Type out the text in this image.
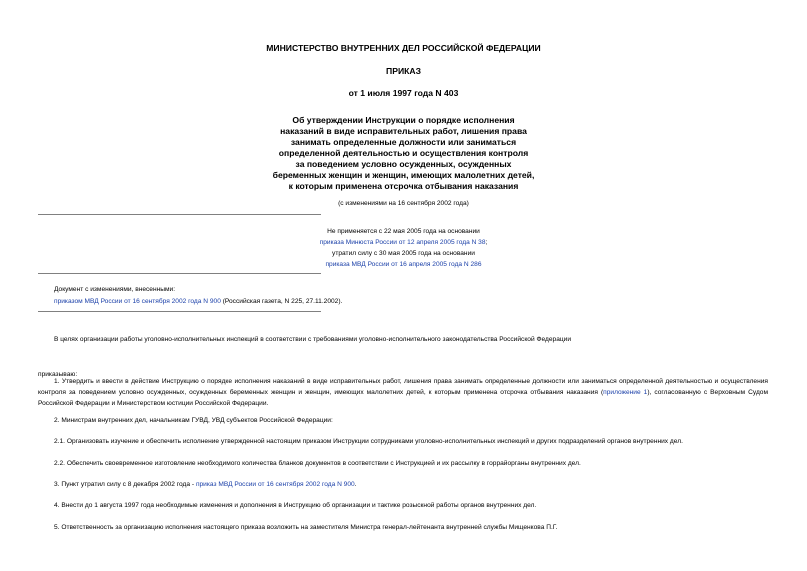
МИНИСТЕРСТВО ВНУТРЕННИХ ДЕЛ РОССИЙСКОЙ ФЕДЕРАЦИИ
ПРИКАЗ
от 1 июля 1997 года N 403
Об утверждении Инструкции о порядке исполнения
наказаний в виде исправительных работ, лишения права
занимать определенные должности или заниматься
определенной деятельностью и осуществления контроля
за поведением условно осужденных, осужденных
беременных женщин и женщин, имеющих малолетних детей,
к которым применена отсрочка отбывания наказания
(с изменениями на 16 сентября 2002 года)
Не применяется с 22 мая 2005 года на основании
приказа Минюста России от 12 апреля 2005 года N 38;
утратил силу с 30 мая 2005 года на основании
приказа МВД России от 16 апреля 2005 года N 286
Документ с изменениями, внесенными:
приказом МВД России от 16 сентября 2002 года N 900 (Российская газета, N 225, 27.11.2002).
В целях организации работы уголовно-исполнительных инспекций в соответствии с требованиями уголовно-исполнительного законодательства Российской Федерации
приказываю:
1. Утвердить и ввести в действие Инструкцию о порядке исполнения наказаний в виде исправительных работ, лишения права занимать определенные должности или заниматься определенной деятельностью и осуществления контроля за поведением условно осужденных, осужденных беременных женщин и женщин, имеющих малолетних детей, к которым применена отсрочка отбывания наказания (приложение 1), согласованную с Верховным Судом Российской Федерации и Министерством юстиции Российской Федерации.
2. Министрам внутренних дел, начальникам ГУВД, УВД субъектов Российской Федерации:
2.1. Организовать изучение и обеспечить исполнение утвержденной настоящим приказом Инструкции сотрудниками уголовно-исполнительных инспекций и других подразделений органов внутренних дел.
2.2. Обеспечить своевременное изготовление необходимого количества бланков документов в соответствии с Инструкцией и их рассылку в горрайорганы внутренних дел.
3. Пункт утратил силу с 8 декабря 2002 года - приказ МВД России от 16 сентября 2002 года N 900.
4. Внести до 1 августа 1997 года необходимые изменения и дополнения в Инструкцию об организации и тактике розыскной работы органов внутренних дел.
5. Ответственность за организацию исполнения настоящего приказа возложить на заместителя Министра генерал-лейтенанта внутренней службы Мищенкова П.Г.
